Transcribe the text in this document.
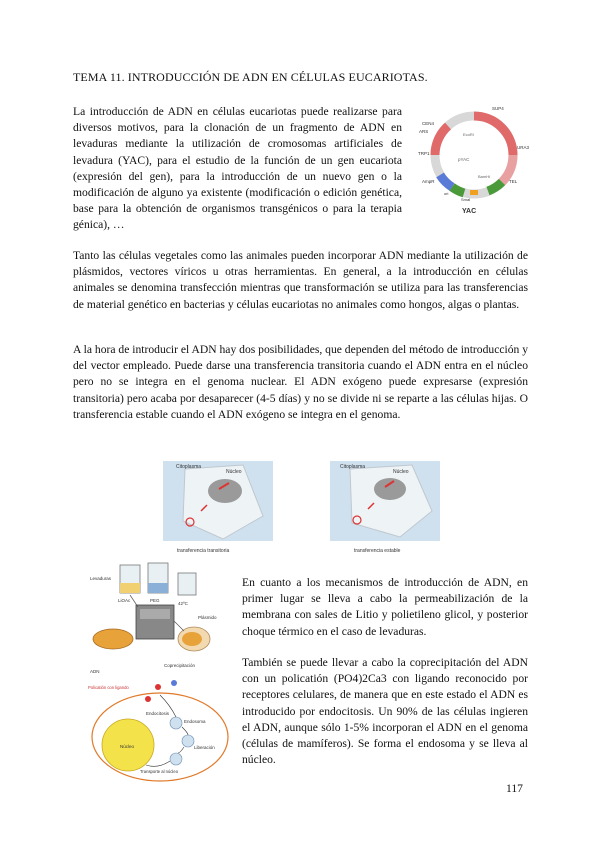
TEMA 11. INTRODUCCIÓN DE ADN EN CÉLULAS EUCARIOTAS.

La introducción de ADN en células eucariotas puede realizarse para diversos motivos, para la clonación de un fragmento de ADN en levaduras mediante la utilización de cromosomas artificiales de levadura (YAC), para el estudio de la función de un gen eucariota (expresión del gen), para la introducción de un nuevo gen o la modificación de alguno ya existente (modificación o edición genética, base para la obtención de organismos transgénicos o para la terapia génica), …

SUP4
ARS
CEN4
TRP1
URA3
TEL
AmpR
pYAC
EcoRI
BamHI
SmaI
ori
YAC

Tanto las células vegetales como las animales pueden incorporar ADN mediante la utilización de plásmidos, vectores víricos u otras herramientas. En general, a la introducción en células animales se denomina transfección mientras que transformación se utiliza para las transferencias de material genético en bacterias y células eucariotas no animales como hongos, algas o plantas.

A la hora de introducir el ADN hay dos posibilidades, que dependen del método de introducción y del vector empleado. Puede darse una transferencia transitoria cuando el ADN entra en el núcleo pero no se integra en el genoma nuclear. El ADN exógeno puede expresarse (expresión transitoria) pero acaba por desaparecer (4-5 días) y no se divide ni se reparte a las células hijas. O transferencia estable cuando el ADN exógeno se integra en el genoma.

Citoplasma
Núcleo
transferencia transitoria
Citoplasma
Núcleo
transferencia estable
Levaduras
LiOAc	PEG
42ºC
Plásmido
Núcleo
ADN
Coprecipitación
Policatión con ligando
Endocitosis
Endosoma
Liberación
Transporte al núcleo

En cuanto a los mecanismos de introducción de ADN, en primer lugar se lleva a cabo la permeabilización de la membrana con sales de Litio y polietileno glicol, y posterior choque térmico en el caso de levaduras.

También se puede llevar a cabo la coprecipitación del ADN con un policatión (PO4)2Ca3 con ligando reconocido por receptores celulares, de manera que en este estado el ADN es introducido por endocitosis. Un 90% de las células ingieren el ADN, aunque sólo 1-5% incorporan el ADN en el genoma (células de mamíferos). Se forma el endosoma y se lleva al núcleo.

117
